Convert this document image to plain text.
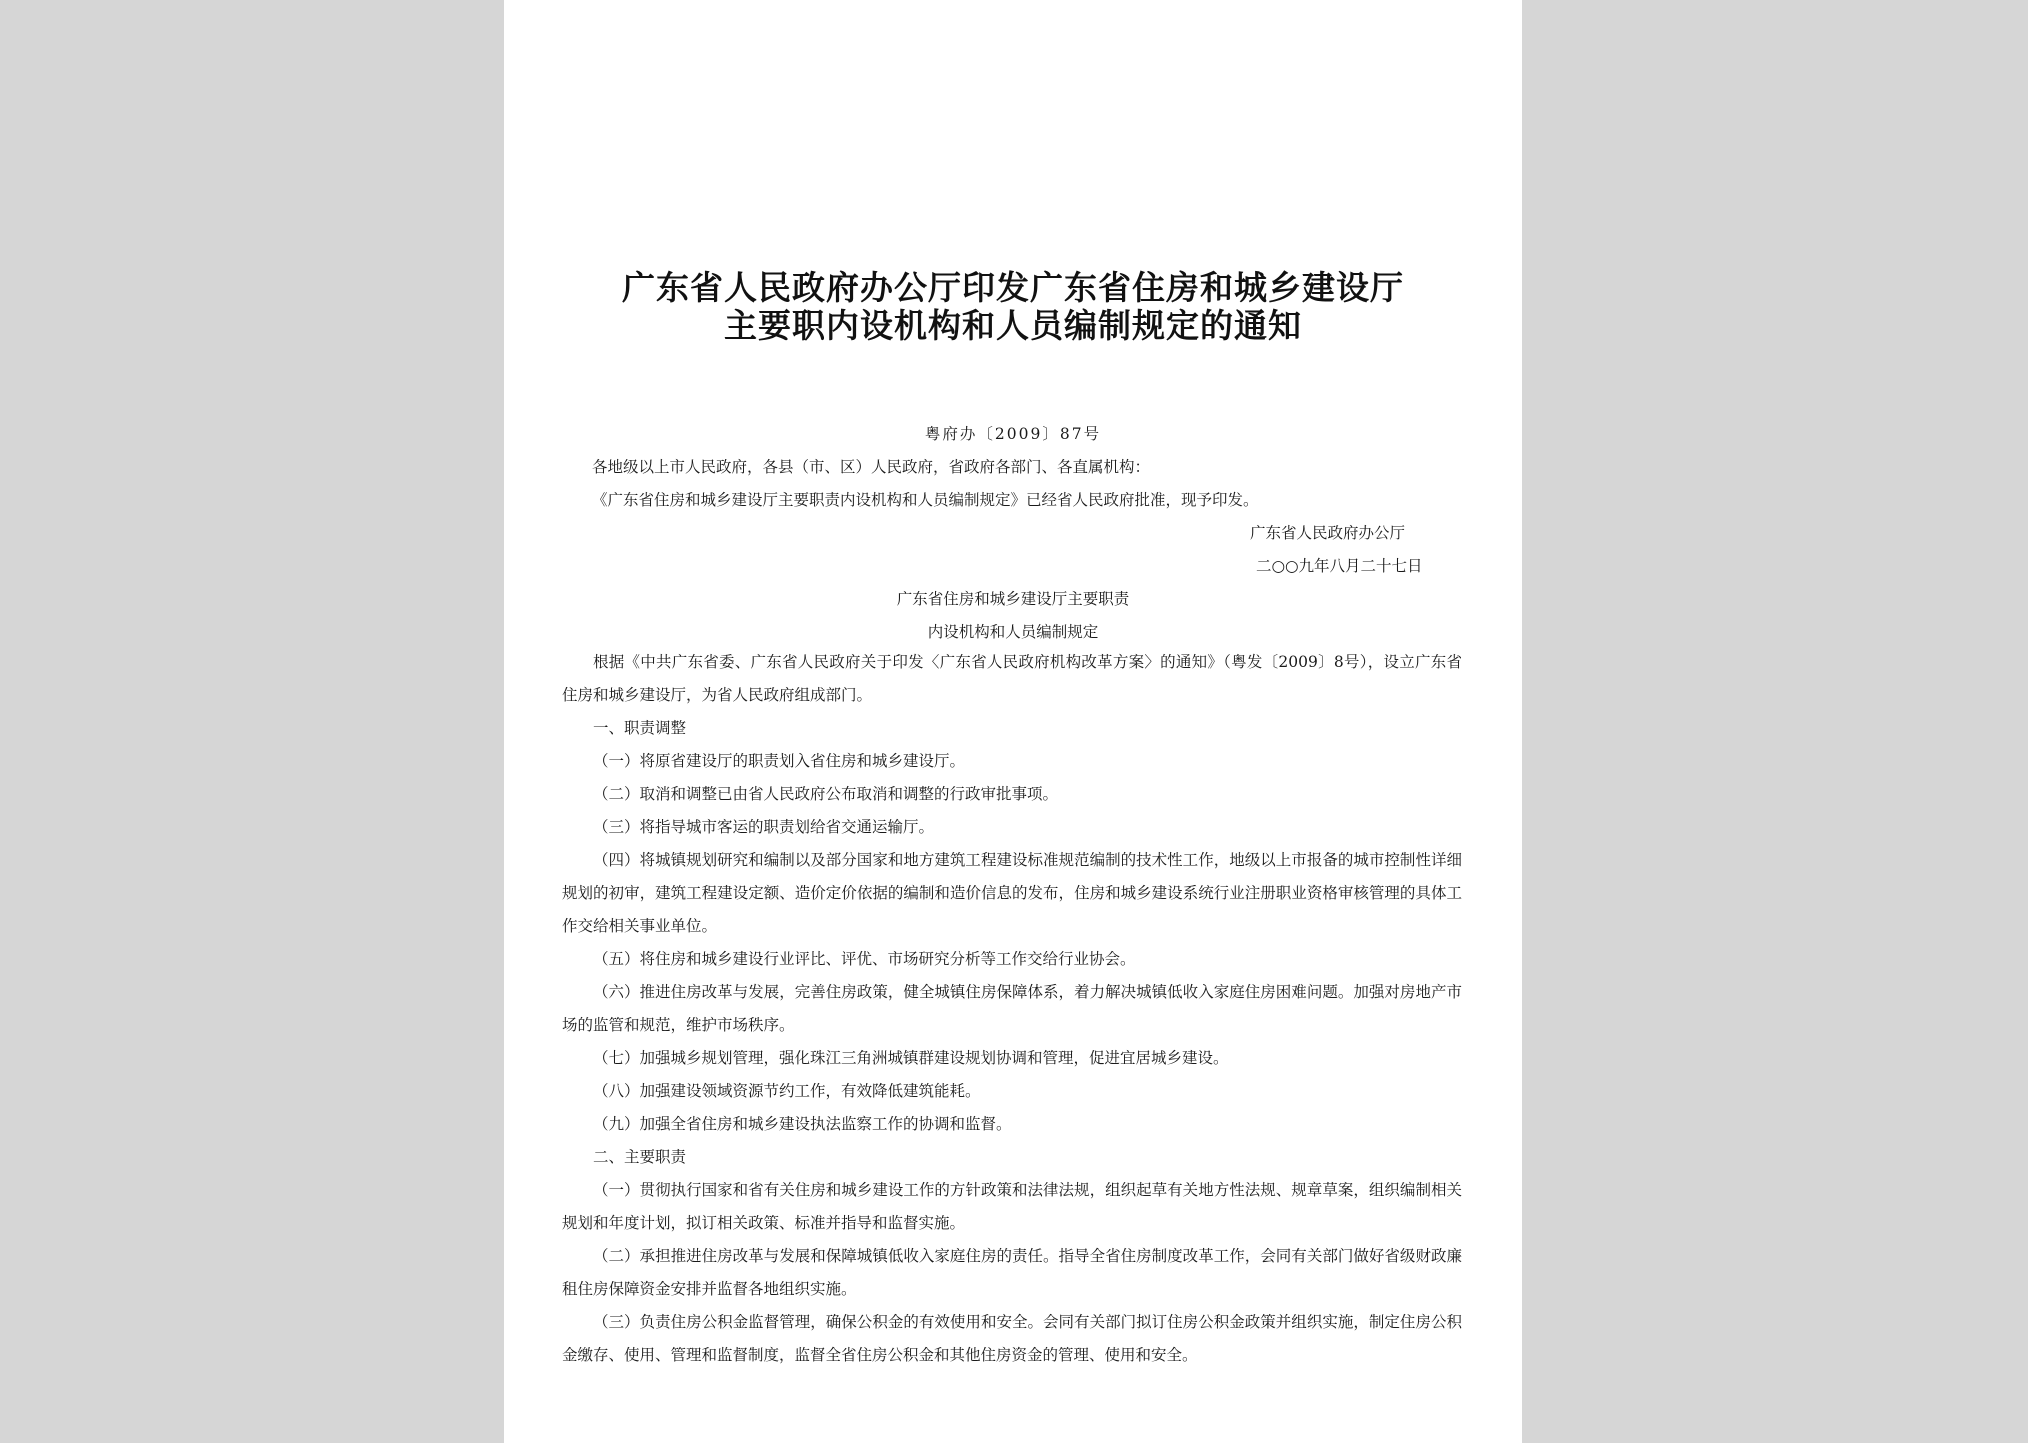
广东省人民政府办公厅印发广东省住房和城乡建设厅
主要职内设机构和人员编制规定的通知
粤府办〔2009〕87号
各地级以上市人民政府，各县（市、区）人民政府，省政府各部门、各直属机构：
《广东省住房和城乡建设厅主要职责内设机构和人员编制规定》已经省人民政府批准，现予印发。
广东省人民政府办公厅
二○○九年八月二十七日
广东省住房和城乡建设厅主要职责
内设机构和人员编制规定
根据《中共广东省委、广东省人民政府关于印发〈广东省人民政府机构改革方案〉的通知》（粤发〔2009〕8号），设立广东省住房和城乡建设厅，为省人民政府组成部门。
一、职责调整
（一）将原省建设厅的职责划入省住房和城乡建设厅。
（二）取消和调整已由省人民政府公布取消和调整的行政审批事项。
（三）将指导城市客运的职责划给省交通运输厅。
（四）将城镇规划研究和编制以及部分国家和地方建筑工程建设标准规范编制的技术性工作，地级以上市报备的城市控制性详细规划的初审，建筑工程建设定额、造价定价依据的编制和造价信息的发布，住房和城乡建设系统行业注册职业资格审核管理的具体工作交给相关事业单位。
（五）将住房和城乡建设行业评比、评优、市场研究分析等工作交给行业协会。
（六）推进住房改革与发展，完善住房政策，健全城镇住房保障体系，着力解决城镇低收入家庭住房困难问题。加强对房地产市场的监管和规范，维护市场秩序。
（七）加强城乡规划管理，强化珠江三角洲城镇群建设规划协调和管理，促进宜居城乡建设。
（八）加强建设领域资源节约工作，有效降低建筑能耗。
（九）加强全省住房和城乡建设执法监察工作的协调和监督。
二、主要职责
（一）贯彻执行国家和省有关住房和城乡建设工作的方针政策和法律法规，组织起草有关地方性法规、规章草案，组织编制相关规划和年度计划，拟订相关政策、标准并指导和监督实施。
（二）承担推进住房改革与发展和保障城镇低收入家庭住房的责任。指导全省住房制度改革工作，会同有关部门做好省级财政廉租住房保障资金安排并监督各地组织实施。
（三）负责住房公积金监督管理，确保公积金的有效使用和安全。会同有关部门拟订住房公积金政策并组织实施，制定住房公积金缴存、使用、管理和监督制度，监督全省住房公积金和其他住房资金的管理、使用和安全。
